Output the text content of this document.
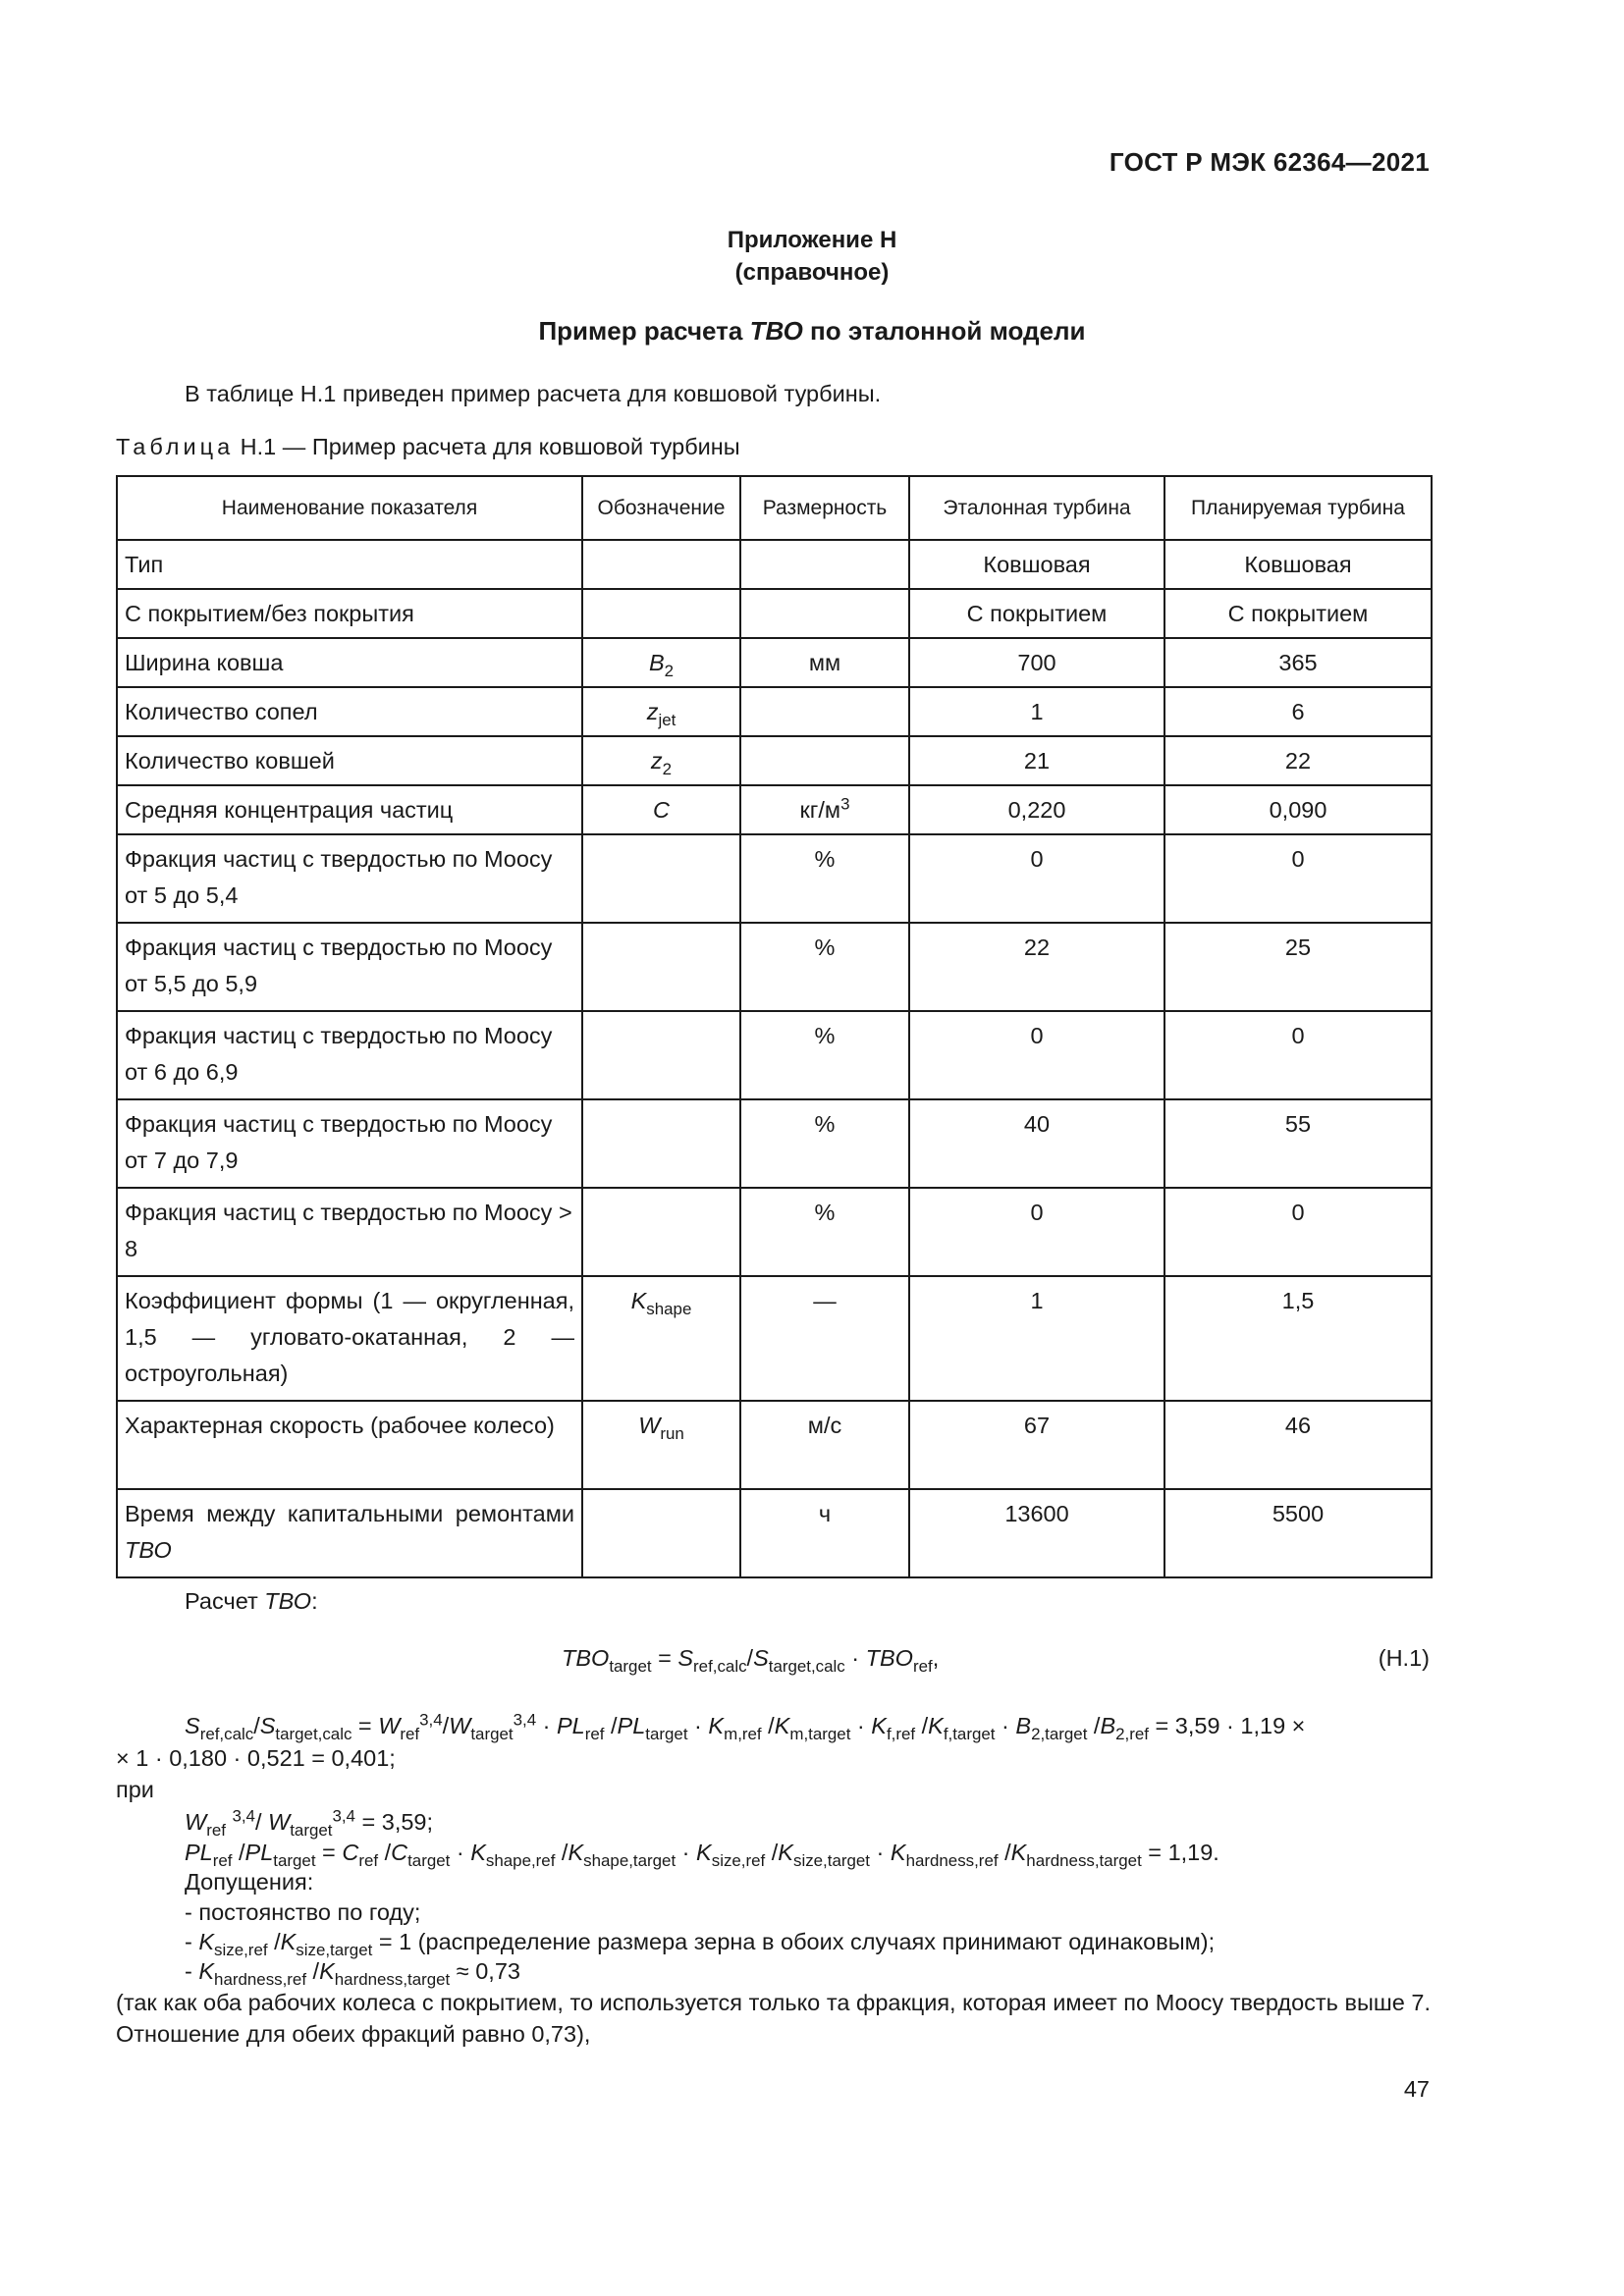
ГОСТ Р МЭК 62364—2021
Приложение Н
(справочное)
Пример расчета ТВО по эталонной модели
В таблице Н.1 приведен пример расчета для ковшовой турбины.
Таблица Н.1 — Пример расчета для ковшовой турбины
Наименование показателя	Обозначение	Размерность	Эталонная турбина	Планируемая турбина
Тип			Ковшовая	Ковшовая
С покрытием/без покрытия			С покрытием	С покрытием
Ширина ковша	$B_2$	мм	700	365
Количество сопел	$z_{jet}$		1	6
Количество ковшей	$z_2$		21	22
Средняя концентрация частиц	C	$кг/м^3$	0,220	0,090
Фракция частиц с твердостью по Моосу от 5 до 5,4		%	0	0
Фракция частиц с твердостью по Моосу от 5,5 до 5,9		%	22	25
Фракция частиц с твердостью по Моосу от 6 до 6,9		%	0	0
Фракция частиц с твердостью по Моосу от 7 до 7,9		%	40	55
Фракция частиц с твердостью по Моосу > 8		%	0	0
Коэффициент формы (1 — округленная, 1,5 — угловато-окатанная, 2 — остроугольная)	$K_{shape}$	—	1	1,5
Характерная скорость (рабочее колесо)	$W_{run}$	м/с	67	46
Время между капитальными ремонтами ТВО		ч	13600	5500
Расчет ТВО:
$TBO_{target} = S_{ref,calc}/S_{target,calc} \cdot TBO_{ref}$,	(Н.1)
$S_{ref,calc}/S_{target,calc} = W_{ref}^{3,4}/W_{target}^{3,4} \cdot PL_{ref}$ $/PL_{target} \cdot K_{m,ref}$ $/K_{m,target} \cdot K_{f,ref}$ $/K_{f,target} \cdot B_{2,target}$ $/B_{2,ref} = 3,59 \cdot 1,19$ ×
× 1 · 0,180 · 0,521 = 0,401;
при
$W_{ref}$ $^{3,4}$/ $W_{target}^{3,4} = 3,59$;
$PL_{ref}$ $/PL_{target} = C_{ref}$ $/C_{target} \cdot K_{shape,ref}$ $/K_{shape,target} \cdot K_{size,ref}$ $/K_{size,target} \cdot K_{hardness,ref}$ $/K_{hardness,target} = 1,19$.
Допущения:
- постоянство по году;
- $K_{size,ref}$ $/K_{size,target} = 1$ (распределение размера зерна в обоих случаях принимают одинаковым);
- $K_{hardness,ref}$ $/K_{hardness,target} \approx 0,73$
(так как оба рабочих колеса с покрытием, то используется только та фракция, которая имеет по Моосу твердость выше 7. Отношение для обеих фракций равно 0,73),
47
